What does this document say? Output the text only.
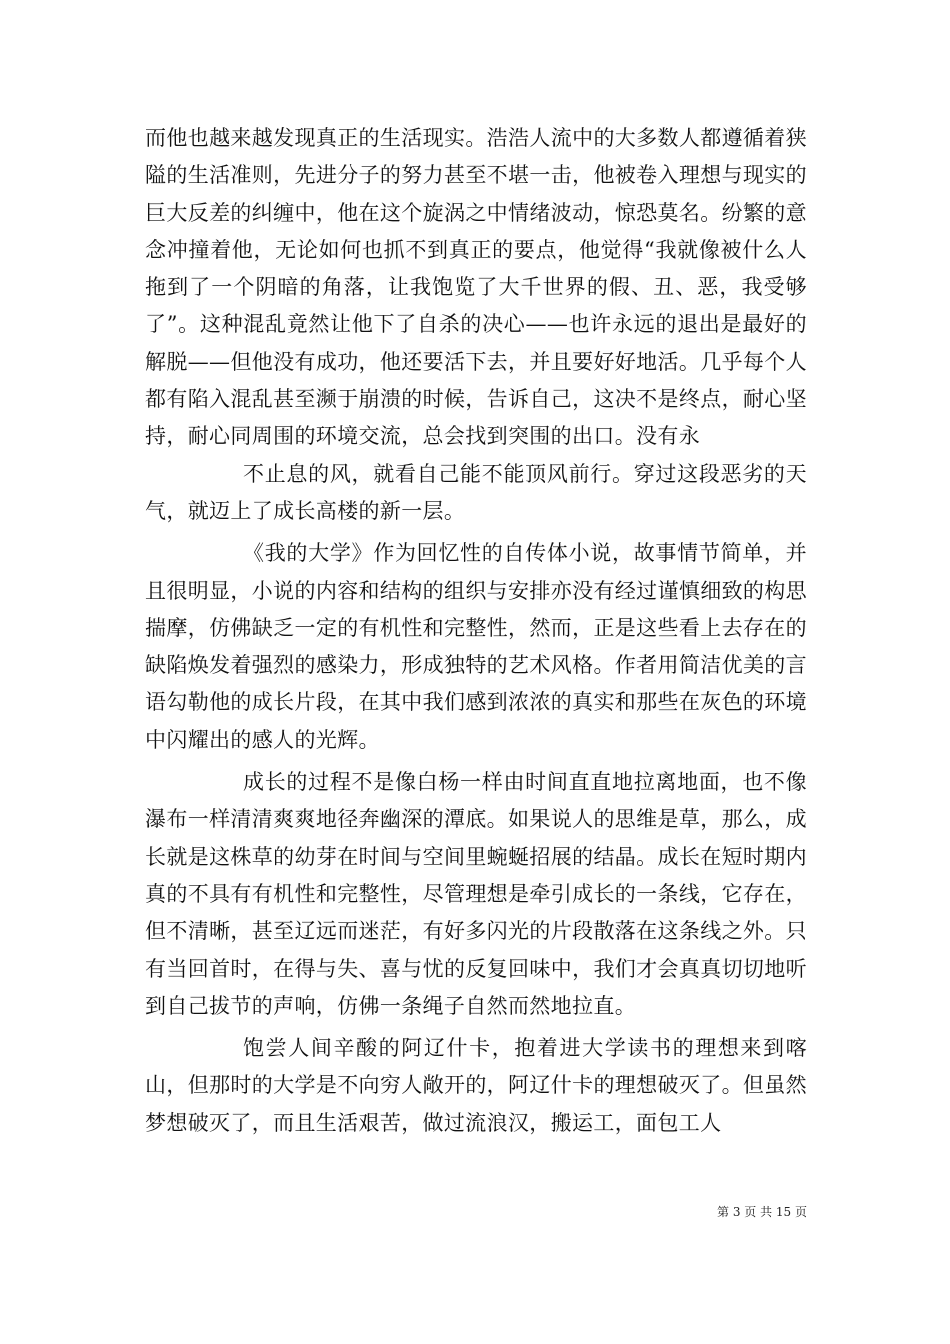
而他也越来越发现真正的生活现实。浩浩人流中的大多数人都遵循着狭隘的生活准则，先进分子的努力甚至不堪一击，他被卷入理想与现实的巨大反差的纠缠中，他在这个旋涡之中情绪波动，惊恐莫名。纷繁的意念冲撞着他，无论如何也抓不到真正的要点，他觉得“我就像被什么人拖到了一个阴暗的角落，让我饱览了大千世界的假、丑、恶，我受够了”。这种混乱竟然让他下了自杀的决心——也许永远的退出是最好的解脱——但他没有成功，他还要活下去，并且要好好地活。几乎每个人都有陷入混乱甚至濒于崩溃的时候，告诉自己，这决不是终点，耐心坚持，耐心同周围的环境交流，总会找到突围的出口。没有永

不止息的风，就看自己能不能顶风前行。穿过这段恶劣的天气，就迈上了成长高楼的新一层。

《我的大学》作为回忆性的自传体小说，故事情节简单，并且很明显，小说的内容和结构的组织与安排亦没有经过谨慎细致的构思揣摩，仿佛缺乏一定的有机性和完整性，然而，正是这些看上去存在的缺陷焕发着强烈的感染力，形成独特的艺术风格。作者用简洁优美的言语勾勒他的成长片段，在其中我们感到浓浓的真实和那些在灰色的环境中闪耀出的感人的光辉。

成长的过程不是像白杨一样由时间直直地拉离地面，也不像瀑布一样清清爽爽地径奔幽深的潭底。如果说人的思维是草，那么，成长就是这株草的幼芽在时间与空间里蜿蜒招展的结晶。成长在短时期内真的不具有有机性和完整性，尽管理想是牵引成长的一条线，它存在，但不清晰，甚至辽远而迷茫，有好多闪光的片段散落在这条线之外。只有当回首时，在得与失、喜与忧的反复回味中，我们才会真真切切地听到自己拔节的声响，仿佛一条绳子自然而然地拉直。

饱尝人间辛酸的阿辽什卡，抱着进大学读书的理想来到喀山，但那时的大学是不向穷人敞开的，阿辽什卡的理想破灭了。但虽然梦想破灭了，而且生活艰苦，做过流浪汉，搬运工，面包工人

第 3 页 共 15 页
